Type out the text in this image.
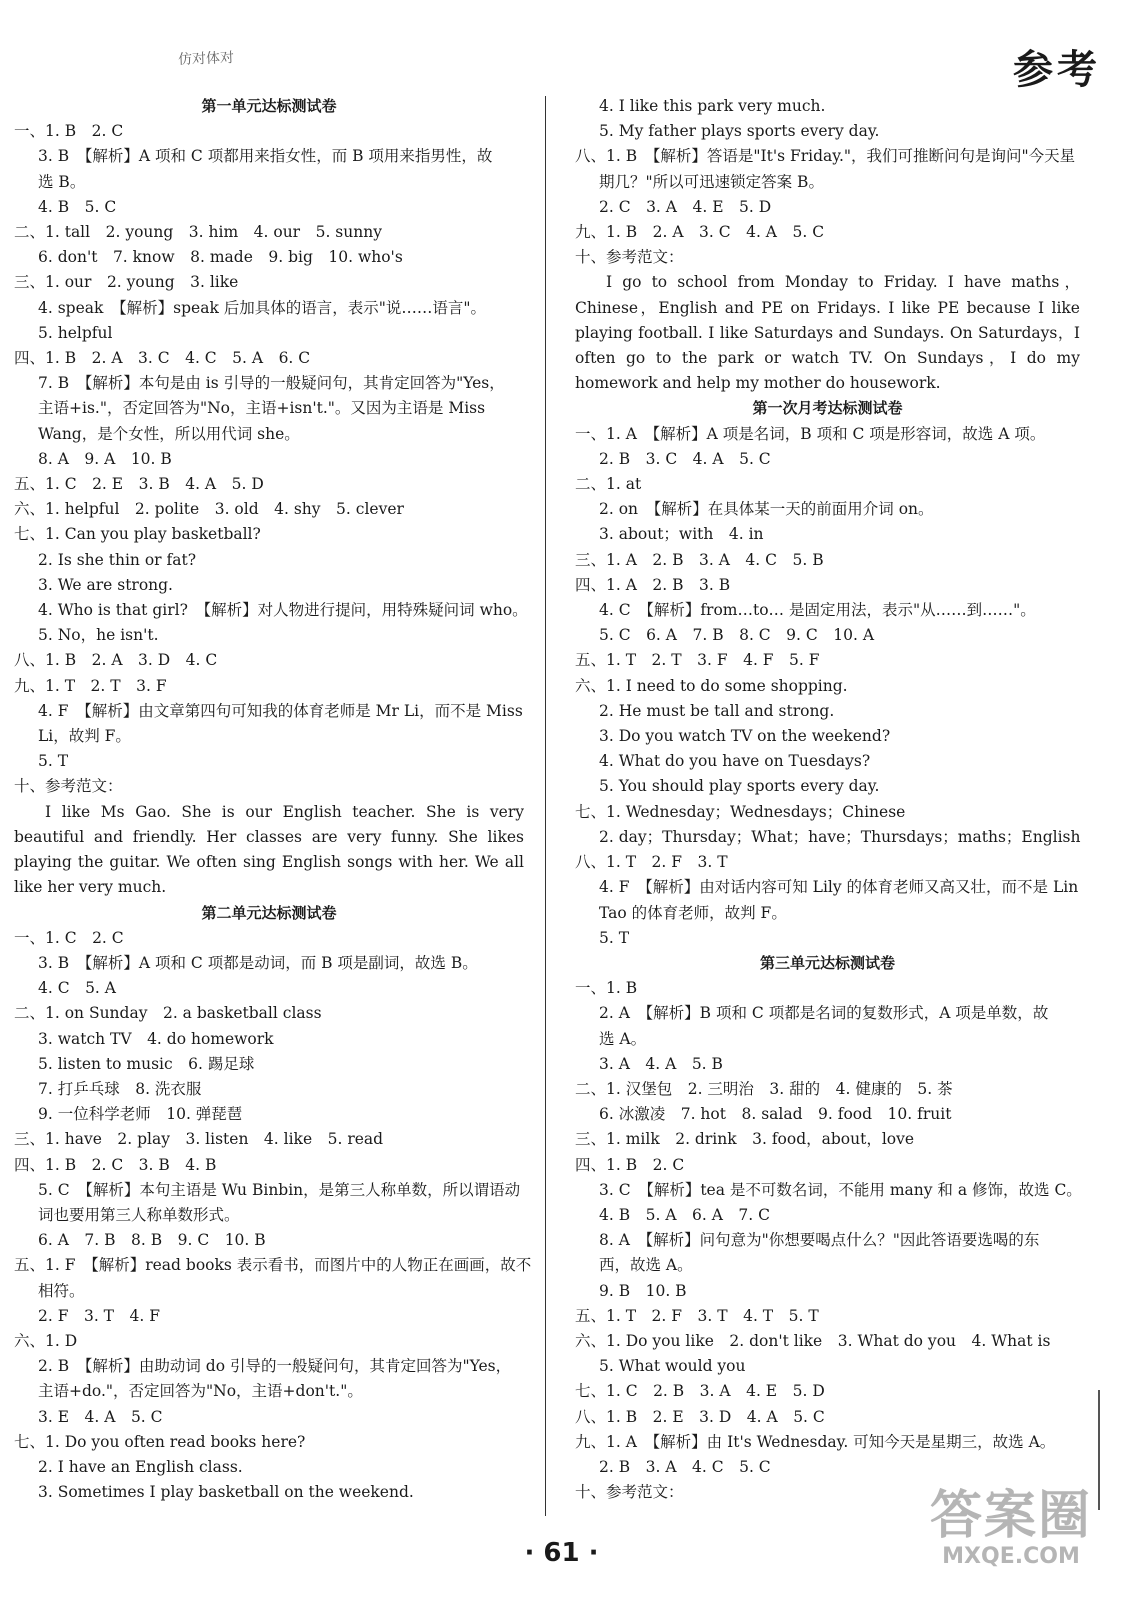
参考
仿对体对
第一单元达标测试卷
一、1. B　2. C
3. B　【解析】A 项和 C 项都用来指女性，而 B 项用来指男性，故
选 B。
4. B　5. C
二、1. tall　2. young　3. him　4. our　5. sunny
6. don't　7. know　8. made　9. big　10. who's
三、1. our　2. young　3. like
4. speak　【解析】speak 后加具体的语言，表示"说……语言"。
5. helpful
四、1. B　2. A　3. C　4. C　5. A　6. C
7. B　【解析】本句是由 is 引导的一般疑问句，其肯定回答为"Yes，
主语+is."，否定回答为"No，主语+isn't."。又因为主语是 Miss
Wang，是个女性，所以用代词 she。
8. A　9. A　10. B
五、1. C　2. E　3. B　4. A　5. D
六、1. helpful　2. polite　3. old　4. shy　5. clever
七、1. Can you play basketball?
2. Is she thin or fat?
3. We are strong.
4. Who is that girl?　【解析】对人物进行提问，用特殊疑问词 who。
5. No，he isn't.
八、1. B　2. A　3. D　4. C
九、1. T　2. T　3. F
4. F　【解析】由文章第四句可知我的体育老师是 Mr Li，而不是 Miss
Li，故判 F。
5. T
十、参考范文：
I like Ms Gao. She is our English teacher. She is very beautiful and friendly. Her classes are very funny. She likes playing the guitar. We often sing English songs with her. We all like her very much.
第二单元达标测试卷
一、1. C　2. C
3. B　【解析】A 项和 C 项都是动词，而 B 项是副词，故选 B。
4. C　5. A
二、1. on Sunday　2. a basketball class
3. watch TV　4. do homework
5. listen to music　6. 踢足球
7. 打乒乓球　8. 洗衣服
9. 一位科学老师　10. 弹琵琶
三、1. have　2. play　3. listen　4. like　5. read
四、1. B　2. C　3. B　4. B
5. C　【解析】本句主语是 Wu Binbin，是第三人称单数，所以谓语动
词也要用第三人称单数形式。
6. A　7. B　8. B　9. C　10. B
五、1. F　【解析】read books 表示看书，而图片中的人物正在画画，故不
相符。
2. F　3. T　4. F
六、1. D
2. B　【解析】由助动词 do 引导的一般疑问句，其肯定回答为"Yes，
主语+do."，否定回答为"No，主语+don't."。
3. E　4. A　5. C
七、1. Do you often read books here?
2. I have an English class.
3. Sometimes I play basketball on the weekend.
4. I like this park very much.
5. My father plays sports every day.
八、1. B　【解析】答语是"It's Friday."，我们可推断问句是询问"今天星
期几？"所以可迅速锁定答案 B。
2. C　3. A　4. E　5. D
九、1. B　2. A　3. C　4. A　5. C
十、参考范文：
I go to school from Monday to Friday. I have maths，Chinese，English and PE on Fridays. I like PE because I like playing football. I like Saturdays and Sundays. On Saturdays，I often go to the park or watch TV. On Sundays，I do my homework and help my mother do housework.
第一次月考达标测试卷
一、1. A　【解析】A 项是名词，B 项和 C 项是形容词，故选 A 项。
2. B　3. C　4. A　5. C
二、1. at
2. on　【解析】在具体某一天的前面用介词 on。
3. about；with　4. in
三、1. A　2. B　3. A　4. C　5. B
四、1. A　2. B　3. B
4. C　【解析】from…to… 是固定用法，表示"从……到……"。
5. C　6. A　7. B　8. C　9. C　10. A
五、1. T　2. T　3. F　4. F　5. F
六、1. I need to do some shopping.
2. He must be tall and strong.
3. Do you watch TV on the weekend?
4. What do you have on Tuesdays?
5. You should play sports every day.
七、1. Wednesday；Wednesdays；Chinese
2. day；Thursday；What；have；Thursdays；maths；English
八、1. T　2. F　3. T
4. F　【解析】由对话内容可知 Lily 的体育老师又高又壮，而不是 Lin
Tao 的体育老师，故判 F。
5. T
第三单元达标测试卷
一、1. B
2. A　【解析】B 项和 C 项都是名词的复数形式，A 项是单数，故
选 A。
3. A　4. A　5. B
二、1. 汉堡包　2. 三明治　3. 甜的　4. 健康的　5. 茶
6. 冰激凌　7. hot　8. salad　9. food　10. fruit
三、1. milk　2. drink　3. food，about，love
四、1. B　2. C
3. C　【解析】tea 是不可数名词，不能用 many 和 a 修饰，故选 C。
4. B　5. A　6. A　7. C
8. A　【解析】问句意为"你想要喝点什么？"因此答语要选喝的东
西，故选 A。
9. B　10. B
五、1. T　2. F　3. T　4. T　5. T
六、1. Do you like　2. don't like　3. What do you　4. What is
5. What would you
七、1. C　2. B　3. A　4. E　5. D
八、1. B　2. E　3. D　4. A　5. C
九、1. A　【解析】由 It's Wednesday. 可知今天是星期三，故选 A。
2. B　3. A　4. C　5. C
十、参考范文：
· 61 ·
答案圈
MXQE.COM
